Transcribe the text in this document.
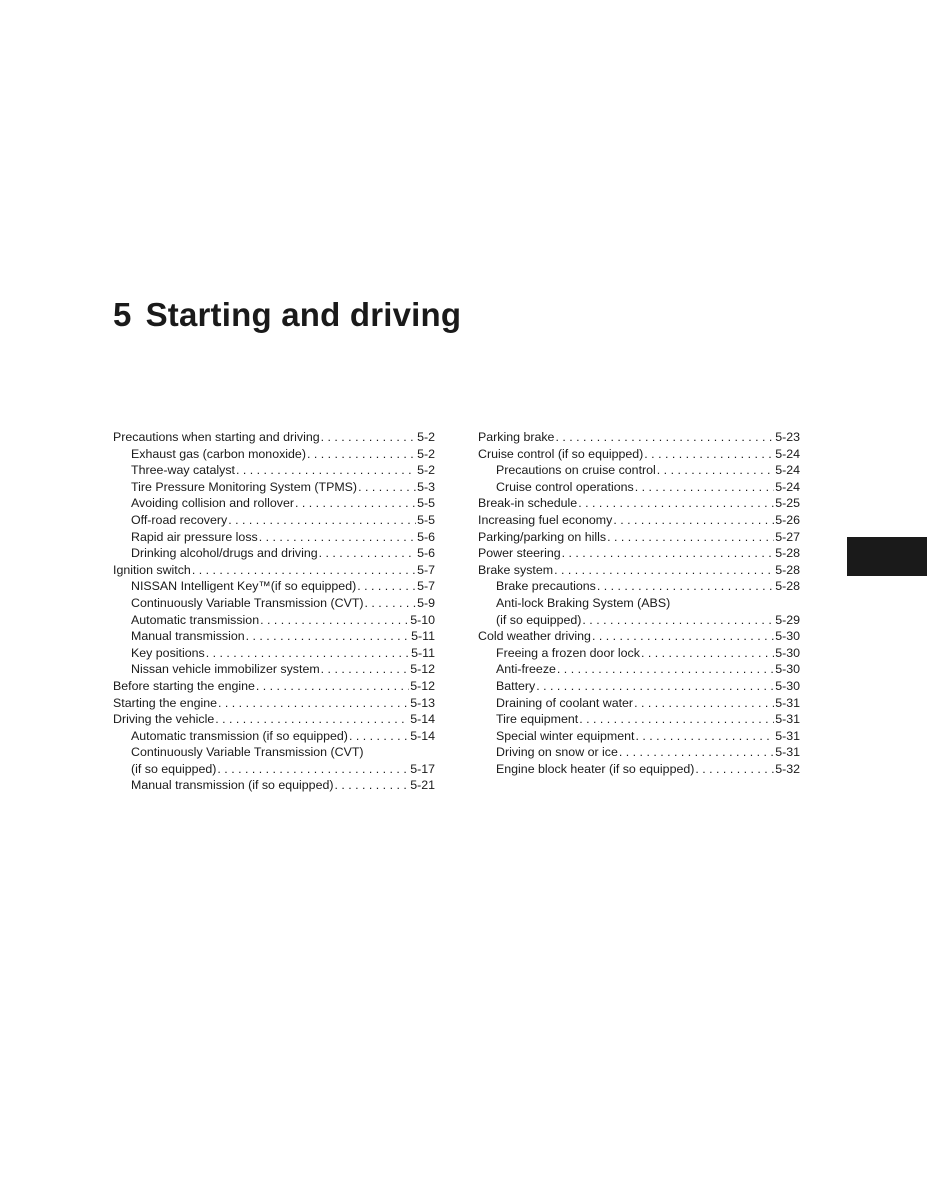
5 Starting and driving
Precautions when starting and driving . . .	5-2
Exhaust gas (carbon monoxide) . . .	5-2
Three-way catalyst . . .	5-2
Tire Pressure Monitoring System (TPMS) . . .	5-3
Avoiding collision and rollover . . .	5-5
Off-road recovery . . .	5-5
Rapid air pressure loss . . .	5-6
Drinking alcohol/drugs and driving . . .	5-6
Ignition switch . . .	5-7
NISSAN Intelligent Key™(if so equipped) . . .	5-7
Continuously Variable Transmission (CVT) . . .	5-9
Automatic transmission . . .	5-10
Manual transmission . . .	5-11
Key positions . . .	5-11
Nissan vehicle immobilizer system . . .	5-12
Before starting the engine . . .	5-12
Starting the engine . . .	5-13
Driving the vehicle . . .	5-14
Automatic transmission (if so equipped) . . .	5-14
Continuously Variable Transmission (CVT)
(if so equipped) . . .	5-17
Manual transmission (if so equipped) . . .	5-21
Parking brake . . .	5-23
Cruise control (if so equipped) . . .	5-24
Precautions on cruise control . . .	5-24
Cruise control operations . . .	5-24
Break-in schedule . . .	5-25
Increasing fuel economy . . .	5-26
Parking/parking on hills . . .	5-27
Power steering . . .	5-28
Brake system . . .	5-28
Brake precautions . . .	5-28
Anti-lock Braking System (ABS)
(if so equipped) . . .	5-29
Cold weather driving . . .	5-30
Freeing a frozen door lock . . .	5-30
Anti-freeze . . .	5-30
Battery . . .	5-30
Draining of coolant water . . .	5-31
Tire equipment . . .	5-31
Special winter equipment . . .	5-31
Driving on snow or ice . . .	5-31
Engine block heater (if so equipped) . . .	5-32
